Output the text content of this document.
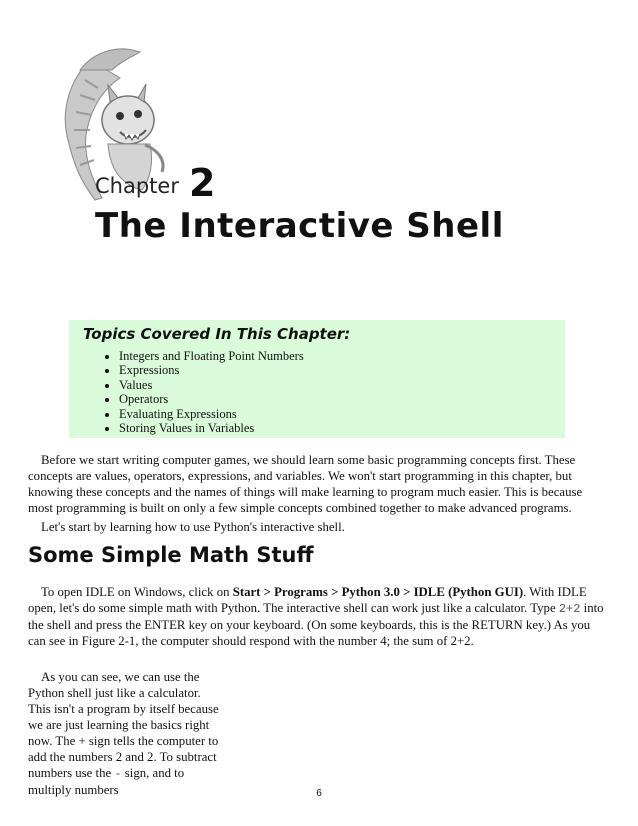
Chapter 2
The Interactive Shell
Topics Covered In This Chapter:
• Integers and Floating Point Numbers
• Expressions
• Values
• Operators
• Evaluating Expressions
• Storing Values in Variables

Before we start writing computer games, we should learn some basic programming concepts first. These concepts are values, operators, expressions, and variables. We won't start programming in this chapter, but knowing these concepts and the names of things will make learning to program much easier. This is because most programming is built on only a few simple concepts combined together to make advanced programs.

Let's start by learning how to use Python's interactive shell.

Some Simple Math Stuff

To open IDLE on Windows, click on Start > Programs > Python 3.0 > IDLE (Python GUI). With IDLE open, let's do some simple math with Python. The interactive shell can work just like a calculator. Type 2+2 into the shell and press the ENTER key on your keyboard. (On some keyboards, this is the RETURN key.) As you can see in Figure 2-1, the computer should respond with the number 4; the sum of 2+2.

As you can see, we can use the Python shell just like a calculator. This isn't a program by itself because we are just learning the basics right now. The + sign tells the computer to add the numbers 2 and 2. To subtract numbers use the - sign, and to multiply numbers	6
